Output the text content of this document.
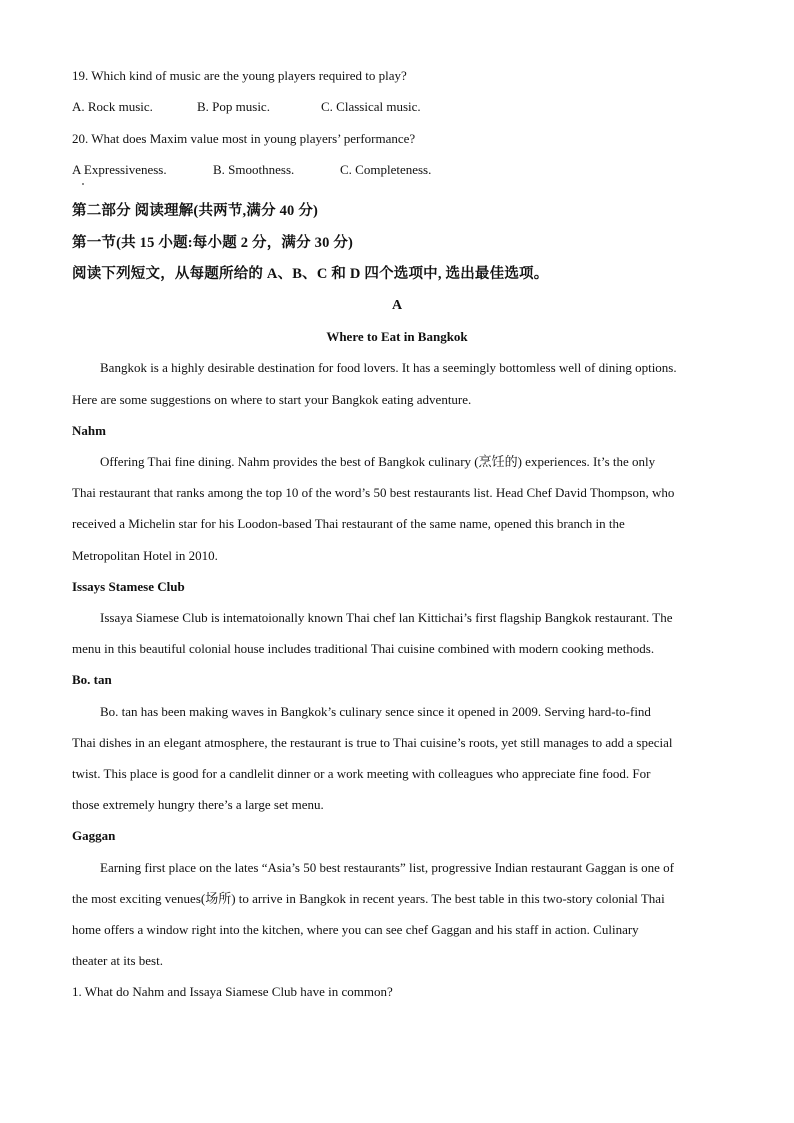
19. Which kind of music are the young players required to play?
A. Rock music.	B. Pop music.	C. Classical music.
20. What does Maxim value most in young players’ performance?
A Expressiveness.	B. Smoothness.	C. Completeness.
第二部分 阅读理解(共两节,满分 40 分)
第一节(共 15 小题:每小题 2 分，满分 30 分)
阅读下列短文，从每题所给的 A、B、C 和 D 四个选项中, 选出最佳选项。
A
Where to Eat in Bangkok
Bangkok is a highly desirable destination for food lovers. It has a seemingly bottomless well of dining options.
Here are some suggestions on where to start your Bangkok eating adventure.
Nahm
Offering Thai fine dining. Nahm provides the best of Bangkok culinary (烹饪的) experiences. It’s the only
Thai restaurant that ranks among the top 10 of the word’s 50 best restaurants list. Head Chef David Thompson, who
received a Michelin star for his Loodon-based Thai restaurant of the same name, opened this branch in the
Metropolitan Hotel in 2010.
Issays Stamese Club
Issaya Siamese Club is intematoionally known Thai chef lan Kittichai’s first flagship Bangkok restaurant. The
menu in this beautiful colonial house includes traditional Thai cuisine combined with modern cooking methods.
Bo. tan
Bo. tan has been making waves in Bangkok’s culinary sence since it opened in 2009. Serving hard-to-find
Thai dishes in an elegant atmosphere, the restaurant is true to Thai cuisine’s roots, yet still manages to add a special
twist. This place is good for a candlelit dinner or a work meeting with colleagues who appreciate fine food. For
those extremely hungry there’s a large set menu.
Gaggan
Earning first place on the lates “Asia’s 50 best restaurants” list, progressive Indian restaurant Gaggan is one of
the most exciting venues(场所) to arrive in Bangkok in recent years. The best table in this two-story colonial Thai
home offers a window right into the kitchen, where you can see chef Gaggan and his staff in action. Culinary
theater at its best.
1. What do Nahm and Issaya Siamese Club have in common?
